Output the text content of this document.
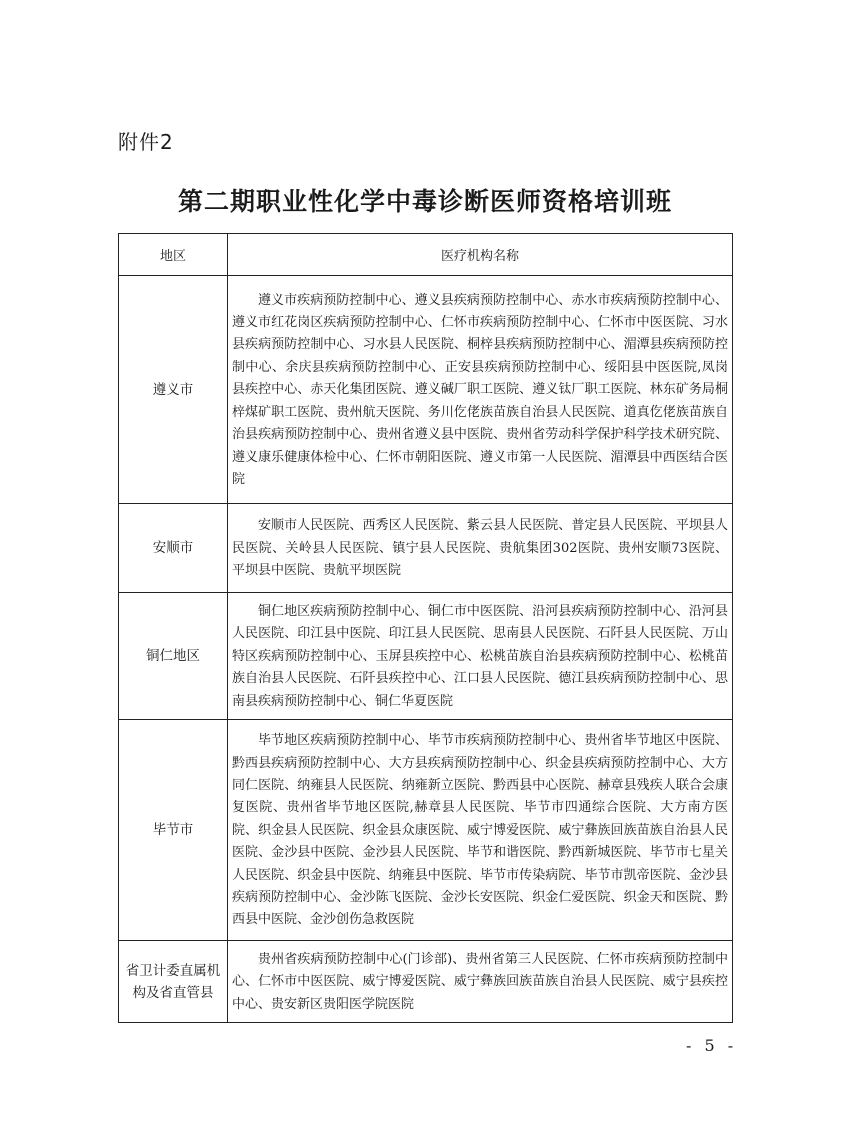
附件2
第二期职业性化学中毒诊断医师资格培训班
地区	医疗机构名称
遵义市	遵义市疾病预防控制中心、遵义县疾病预防控制中心、赤水市疾病预防控制中心、遵义市红花岗区疾病预防控制中心、仁怀市疾病预防控制中心、仁怀市中医医院、习水县疾病预防控制中心、习水县人民医院、桐梓县疾病预防控制中心、湄潭县疾病预防控制中心、余庆县疾病预防控制中心、正安县疾病预防控制中心、绥阳县中医医院,凤岗县疾控中心、赤天化集团医院、遵义碱厂职工医院、遵义钛厂职工医院、林东矿务局桐梓煤矿职工医院、贵州航天医院、务川仡佬族苗族自治县人民医院、道真仡佬族苗族自治县疾病预防控制中心、贵州省遵义县中医院、贵州省劳动科学保护科学技术研究院、遵义康乐健康体检中心、仁怀市朝阳医院、遵义市第一人民医院、湄潭县中西医结合医院
安顺市	安顺市人民医院、西秀区人民医院、紫云县人民医院、普定县人民医院、平坝县人民医院、关岭县人民医院、镇宁县人民医院、贵航集团302医院、贵州安顺73医院、平坝县中医院、贵航平坝医院
铜仁地区	铜仁地区疾病预防控制中心、铜仁市中医医院、沿河县疾病预防控制中心、沿河县人民医院、印江县中医院、印江县人民医院、思南县人民医院、石阡县人民医院、万山特区疾病预防控制中心、玉屏县疾控中心、松桃苗族自治县疾病预防控制中心、松桃苗族自治县人民医院、石阡县疾控中心、江口县人民医院、德江县疾病预防控制中心、思南县疾病预防控制中心、铜仁华夏医院
毕节市	毕节地区疾病预防控制中心、毕节市疾病预防控制中心、贵州省毕节地区中医院、黔西县疾病预防控制中心、大方县疾病预防控制中心、织金县疾病预防控制中心、大方同仁医院、纳雍县人民医院、纳雍新立医院、黔西县中心医院、赫章县残疾人联合会康复医院、贵州省毕节地区医院,赫章县人民医院、毕节市四通综合医院、大方南方医院、织金县人民医院、织金县众康医院、威宁博爱医院、威宁彝族回族苗族自治县人民医院、金沙县中医院、金沙县人民医院、毕节和谐医院、黔西新城医院、毕节市七星关人民医院、织金县中医院、纳雍县中医院、毕节市传染病院、毕节市凯帝医院、金沙县疾病预防控制中心、金沙陈飞医院、金沙长安医院、织金仁爱医院、织金天和医院、黔西县中医院、金沙创伤急救医院
省卫计委直属机构及省直管县	贵州省疾病预防控制中心(门诊部)、贵州省第三人民医院、仁怀市疾病预防控制中心、仁怀市中医医院、威宁博爱医院、威宁彝族回族苗族自治县人民医院、威宁县疾控中心、贵安新区贵阳医学院医院
- 5 -
